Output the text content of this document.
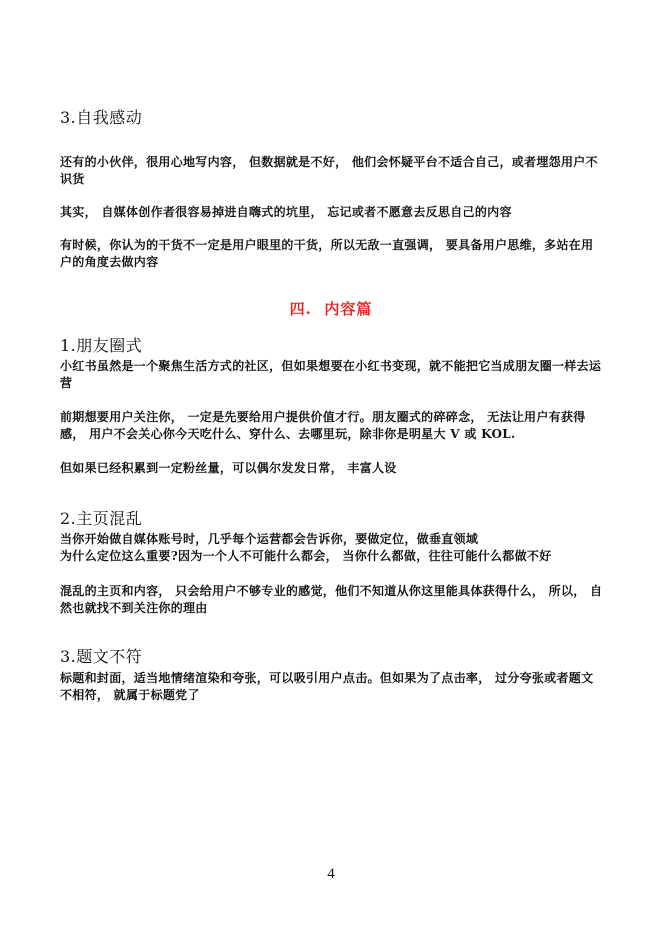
3.自我感动
还有的小伙伴，很用心地写内容， 但数据就是不好， 他们会怀疑平台不适合自己，或者埋怨用户不识货
其实， 自媒体创作者很容易掉进自嗨式的坑里， 忘记或者不愿意去反思自己的内容
有时候，你认为的干货不一定是用户眼里的干货，所以无敌一直强调， 要具备用户思维，多站在用户的角度去做内容
四.  内容篇
1.朋友圈式
小红书虽然是一个聚焦生活方式的社区，但如果想要在小红书变现，就不能把它当成朋友圈一样去运营
前期想要用户关注你， 一定是先要给用户提供价值才行。朋友圈式的碎碎念， 无法让用户有获得感， 用户不会关心你今天吃什么、穿什么、去哪里玩，除非你是明星大 V 或 KOL.
但如果已经积累到一定粉丝量，可以偶尔发发日常， 丰富人设
2.主页混乱
当你开始做自媒体账号时，几乎每个运营都会告诉你，要做定位，做垂直领域
为什么定位这么重要?因为一个人不可能什么都会， 当你什么都做，往往可能什么都做不好
混乱的主页和内容， 只会给用户不够专业的感觉，他们不知道从你这里能具体获得什么， 所以， 自然也就找不到关注你的理由
3.题文不符
标题和封面，适当地情绪渲染和夸张，可以吸引用户点击。但如果为了点击率， 过分夸张或者题文不相符， 就属于标题党了
4
